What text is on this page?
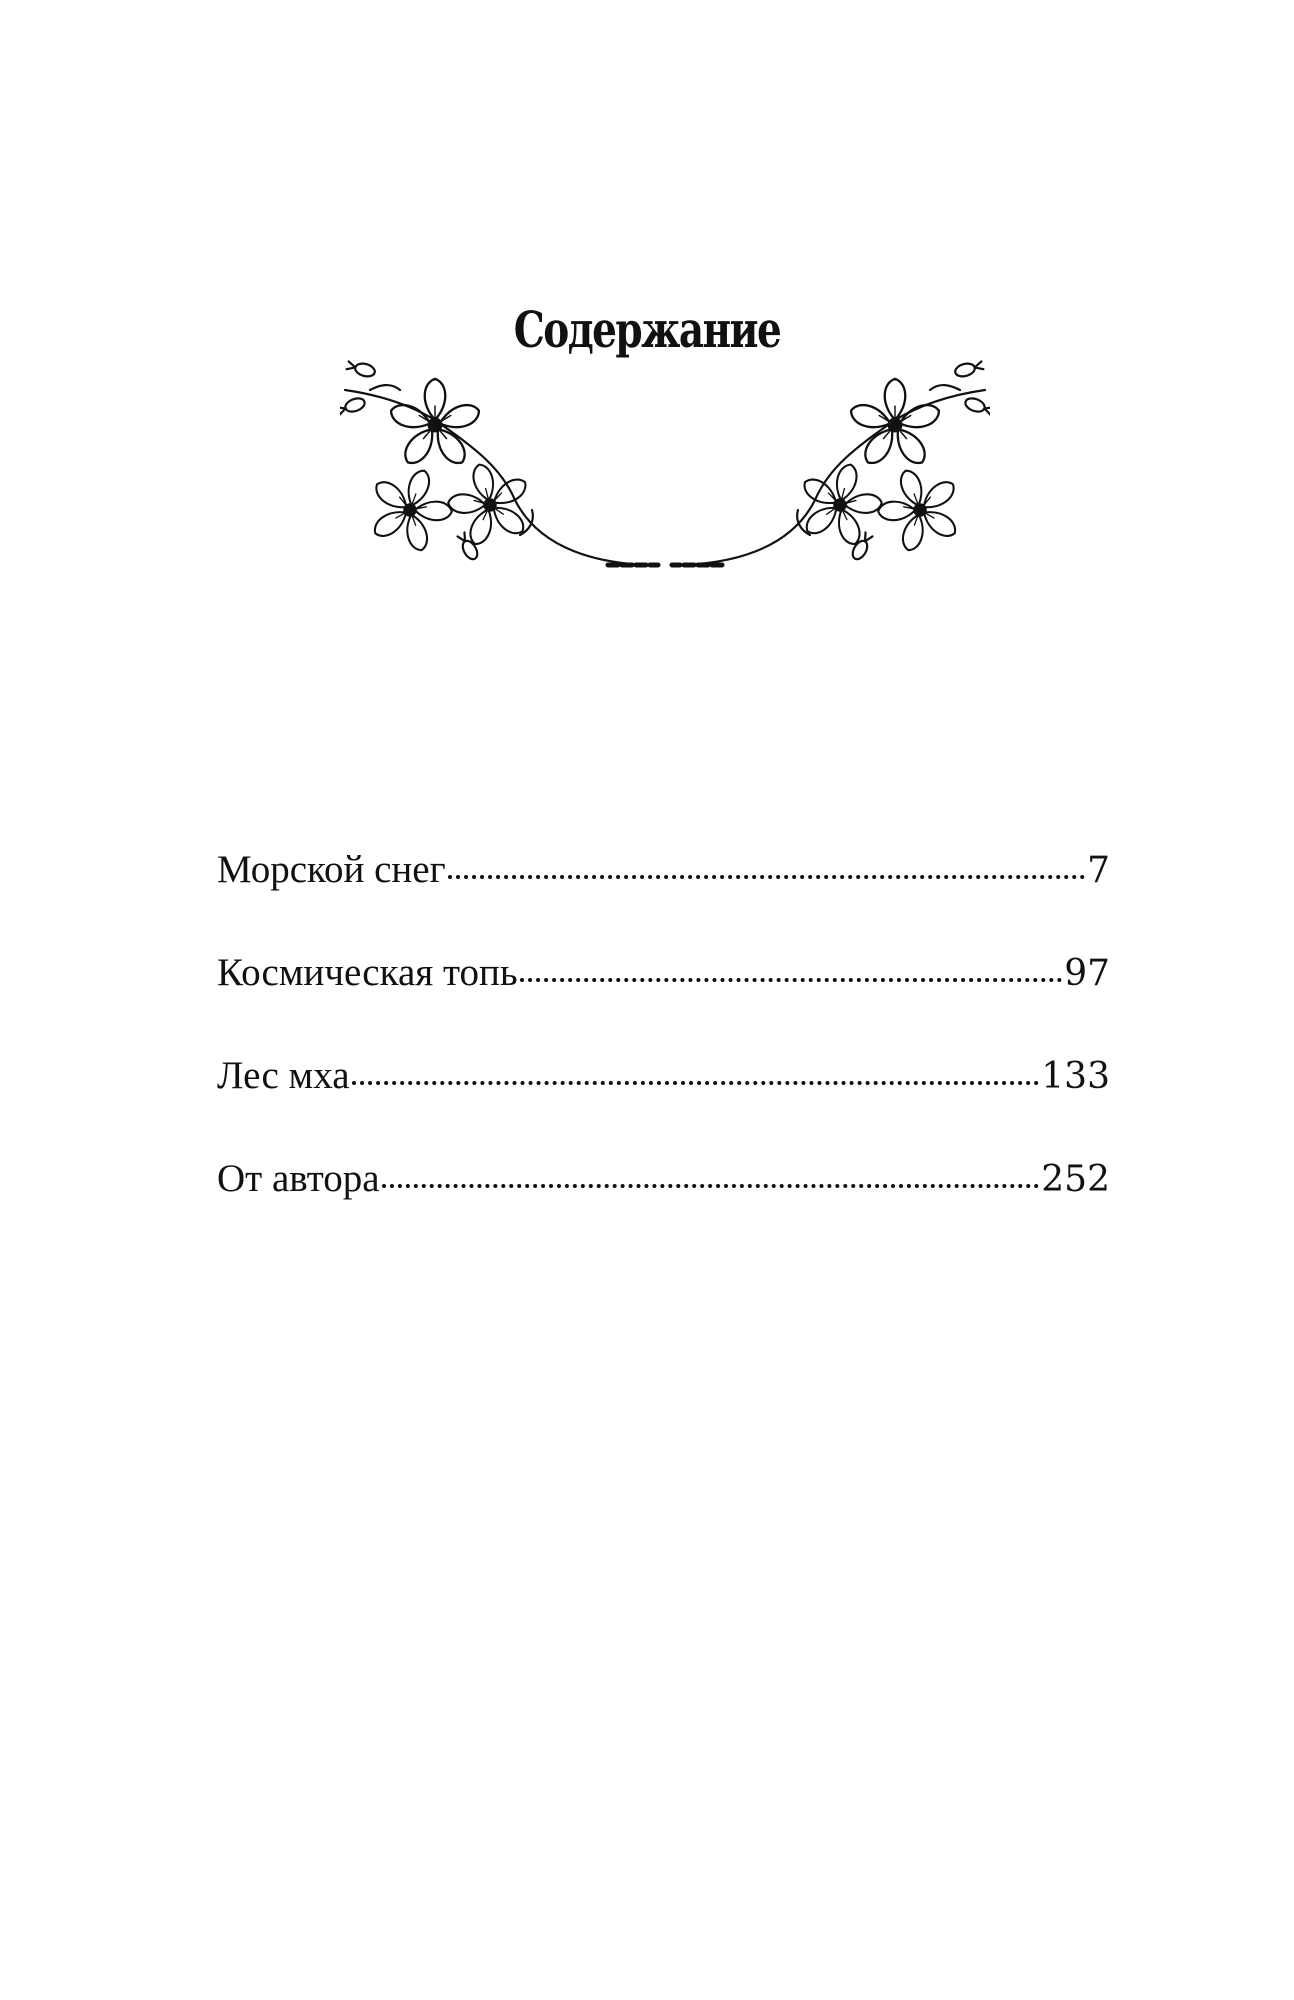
Содержание
Морской снег	7
Космическая топь	97
Лес мха	133
От автора	252
